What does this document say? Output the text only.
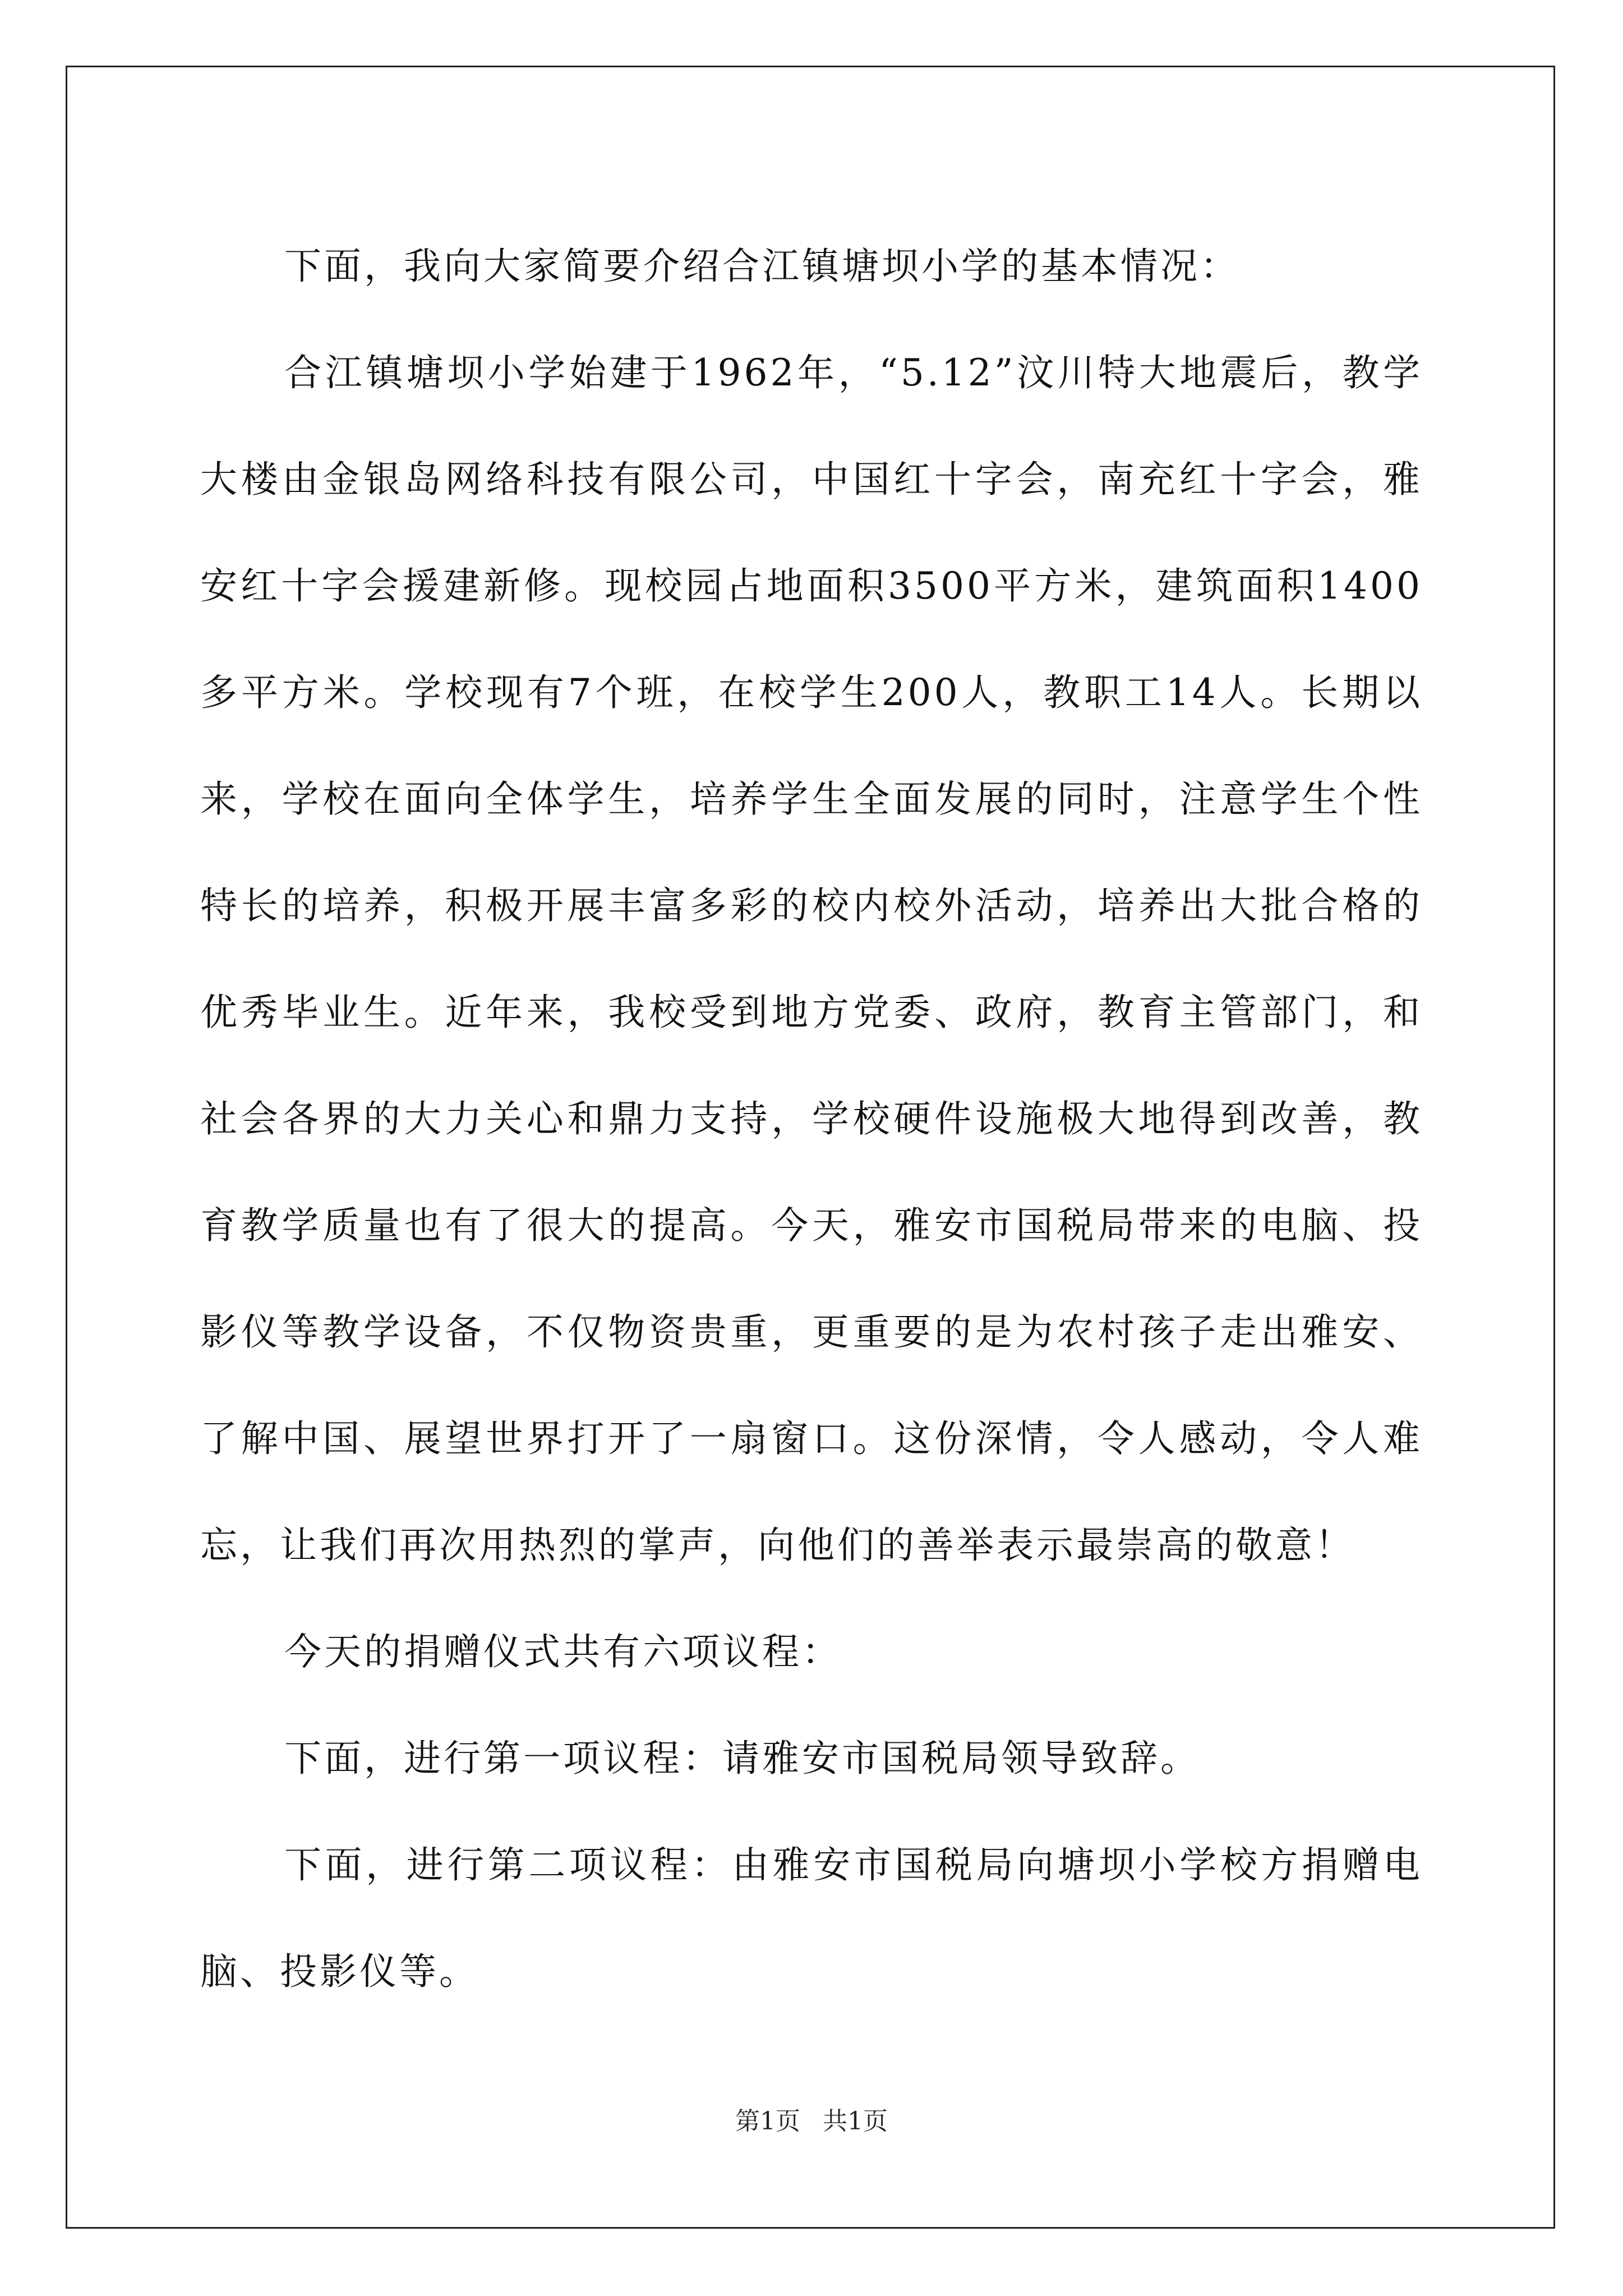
下面，我向大家简要介绍合江镇塘坝小学的基本情况：

合江镇塘坝小学始建于1962年，“5.12”汶川特大地震后，教学大楼由金银岛网络科技有限公司，中国红十字会，南充红十字会，雅安红十字会援建新修。现校园占地面积3500平方米，建筑面积1400多平方米。学校现有7个班，在校学生200人，教职工14人。长期以来，学校在面向全体学生，培养学生全面发展的同时，注意学生个性特长的培养，积极开展丰富多彩的校内校外活动，培养出大批合格的优秀毕业生。近年来，我校受到地方党委、政府，教育主管部门，和社会各界的大力关心和鼎力支持，学校硬件设施极大地得到改善，教育教学质量也有了很大的提高。今天，雅安市国税局带来的电脑、投影仪等教学设备，不仅物资贵重，更重要的是为农村孩子走出雅安、了解中国、展望世界打开了一扇窗口。这份深情，令人感动，令人难忘，让我们再次用热烈的掌声，向他们的善举表示最崇高的敬意！

今天的捐赠仪式共有六项议程：

下面，进行第一项议程：请雅安市国税局领导致辞。

下面，进行第二项议程：由雅安市国税局向塘坝小学校方捐赠电脑、投影仪等。

第1页 共1页
